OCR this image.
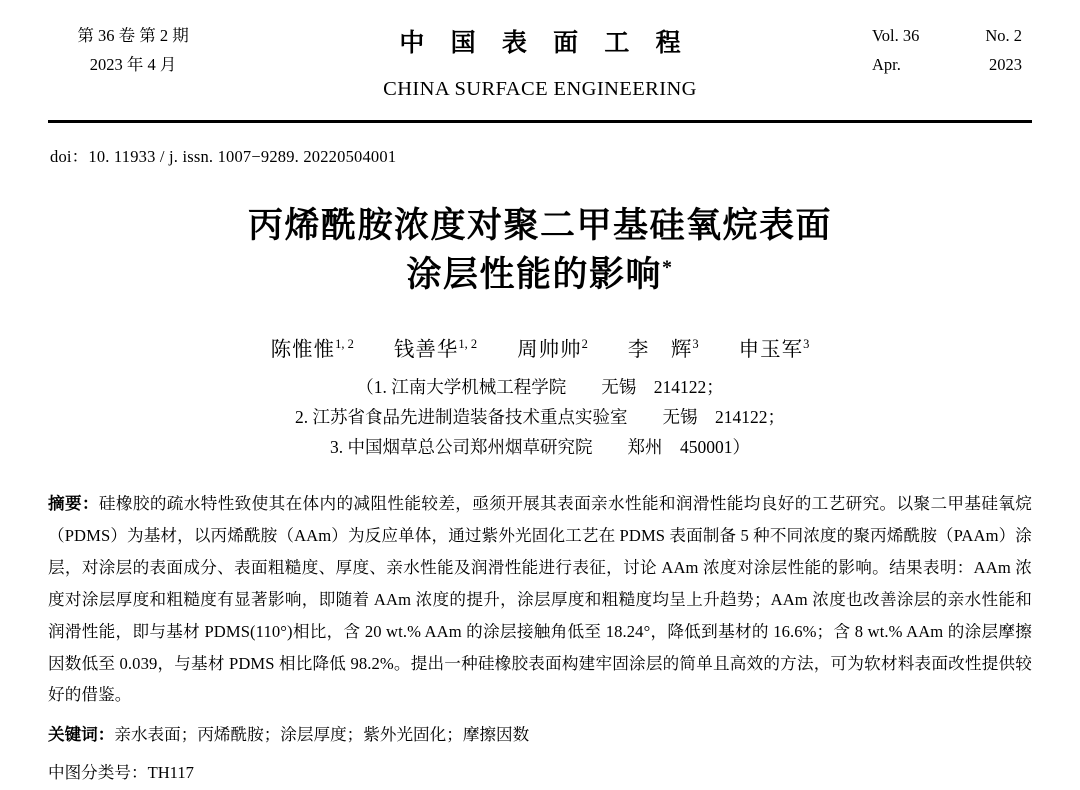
第 36 卷 第 2 期
2023 年 4 月
中 国 表 面 工 程
CHINA SURFACE ENGINEERING
Vol. 36	No. 2
Apr.	2023
doi：10. 11933 / j. issn. 1007−9289. 20220504001
丙烯酰胺浓度对聚二甲基硅氧烷表面
涂层性能的影响*
陈惟惟$^{1, 2}$ 钱善华$^{1, 2}$ 周帅帅$^2$ 李　辉$^3$ 申玉军$^3$
（1. 江南大学机械工程学院　　无锡　214122；
2. 江苏省食品先进制造装备技术重点实验室　　无锡　214122；
3. 中国烟草总公司郑州烟草研究院　　郑州　450001）
摘要：硅橡胶的疏水特性致使其在体内的减阻性能较差，亟须开展其表面亲水性能和润滑性能均良好的工艺研究。以聚二甲基硅氧烷（PDMS）为基材，以丙烯酰胺（AAm）为反应单体，通过紫外光固化工艺在 PDMS 表面制备 5 种不同浓度的聚丙烯酰胺（PAAm）涂层，对涂层的表面成分、表面粗糙度、厚度、亲水性能及润滑性能进行表征，讨论 AAm 浓度对涂层性能的影响。结果表明：AAm 浓度对涂层厚度和粗糙度有显著影响，即随着 AAm 浓度的提升，涂层厚度和粗糙度均呈上升趋势；AAm 浓度也改善涂层的亲水性能和润滑性能，即与基材 PDMS(110°)相比，含 20 wt.% AAm 的涂层接触角低至 18.24°，降低到基材的 16.6%；含 8 wt.% AAm 的涂层摩擦因数低至 0.039，与基材 PDMS 相比降低 98.2%。提出一种硅橡胶表面构建牢固涂层的简单且高效的方法，可为软材料表面改性提供较好的借鉴。
关键词：亲水表面；丙烯酰胺；涂层厚度；紫外光固化；摩擦因数
中图分类号：TH117
